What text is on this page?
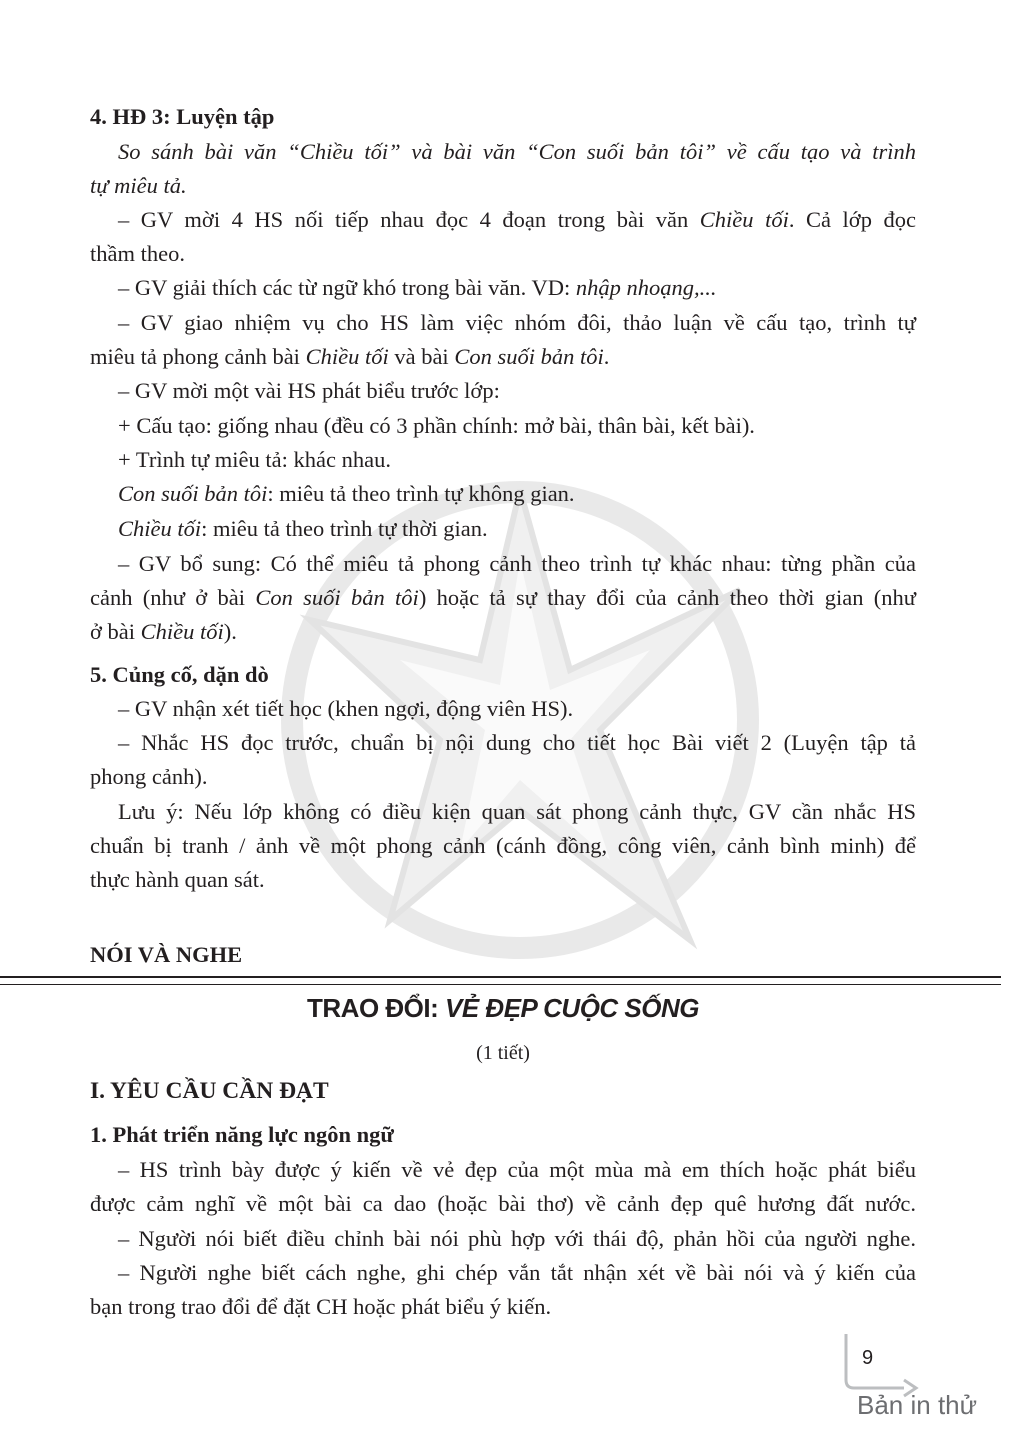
4. HĐ 3: Luyện tập
So sánh bài văn “Chiều tối” và bài văn “Con suối bản tôi” về cấu tạo và trình
tự miêu tả.
– GV mời 4 HS nối tiếp nhau đọc 4 đoạn trong bài văn Chiều tối. Cả lớp đọc
thầm theo.
– GV giải thích các từ ngữ khó trong bài văn. VD: nhập nhoạng,...
– GV giao nhiệm vụ cho HS làm việc nhóm đôi, thảo luận về cấu tạo, trình tự
miêu tả phong cảnh bài Chiều tối và bài Con suối bản tôi.
– GV mời một vài HS phát biểu trước lớp:
+ Cấu tạo: giống nhau (đều có 3 phần chính: mở bài, thân bài, kết bài).
+ Trình tự miêu tả: khác nhau.
Con suối bản tôi: miêu tả theo trình tự không gian.
Chiều tối: miêu tả theo trình tự thời gian.
– GV bổ sung: Có thể miêu tả phong cảnh theo trình tự khác nhau: từng phần của
cảnh (như ở bài Con suối bản tôi) hoặc tả sự thay đổi của cảnh theo thời gian (như
ở bài Chiều tối).
5. Củng cố, dặn dò
– GV nhận xét tiết học (khen ngợi, động viên HS).
– Nhắc HS đọc trước, chuẩn bị nội dung cho tiết học Bài viết 2 (Luyện tập tả
phong cảnh).
Lưu ý: Nếu lớp không có điều kiện quan sát phong cảnh thực, GV cần nhắc HS
chuẩn bị tranh / ảnh về một phong cảnh (cánh đồng, công viên, cảnh bình minh) để
thực hành quan sát.
NÓI VÀ NGHE
TRAO ĐỔI: VẺ ĐẸP CUỘC SỐNG
(1 tiết)
I. YÊU CẦU CẦN ĐẠT
1. Phát triển năng lực ngôn ngữ
– HS trình bày được ý kiến về vẻ đẹp của một mùa mà em thích hoặc phát biểu
được cảm nghĩ về một bài ca dao (hoặc bài thơ) về cảnh đẹp quê hương đất nước.
– Người nói biết điều chỉnh bài nói phù hợp với thái độ, phản hồi của người nghe.
– Người nghe biết cách nghe, ghi chép vắn tắt nhận xét về bài nói và ý kiến của
bạn trong trao đổi để đặt CH hoặc phát biểu ý kiến.
9
Bản in thử
